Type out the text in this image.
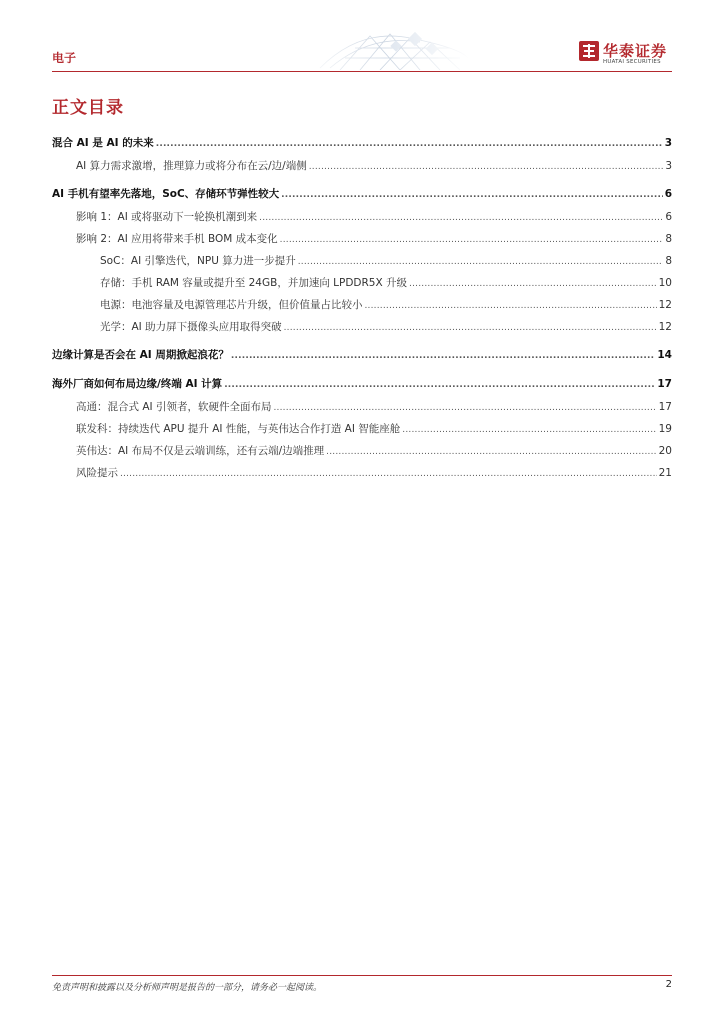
电子	华泰证券
HUATAI SECURITIES
正文目录
混合 AI 是 AI 的未来 .....	3
AI 算力需求激增，推理算力或将分布在云/边/端侧 .....	3
AI 手机有望率先落地，SoC、存储环节弹性较大 .....	6
影响 1：AI 或将驱动下一轮换机潮到来 .....	6
影响 2：AI 应用将带来手机 BOM 成本变化 .....	8
SoC：AI 引擎迭代，NPU 算力进一步提升 .....	8
存储：手机 RAM 容量或提升至 24GB，并加速向 LPDDR5X 升级 .....	10
电源：电池容量及电源管理芯片升级，但价值量占比较小 .....	12
光学：AI 助力屏下摄像头应用取得突破 .....	12
边缘计算是否会在 AI 周期掀起浪花？ .....	14
海外厂商如何布局边缘/终端 AI 计算 .....	17
高通：混合式 AI 引领者，软硬件全面布局 .....	17
联发科：持续迭代 APU 提升 AI 性能，与英伟达合作打造 AI 智能座舱 .....	19
英伟达：AI 布局不仅是云端训练，还有云端/边端推理 .....	20
风险提示 .....	21
免责声明和披露以及分析师声明是报告的一部分，请务必一起阅读。	2
